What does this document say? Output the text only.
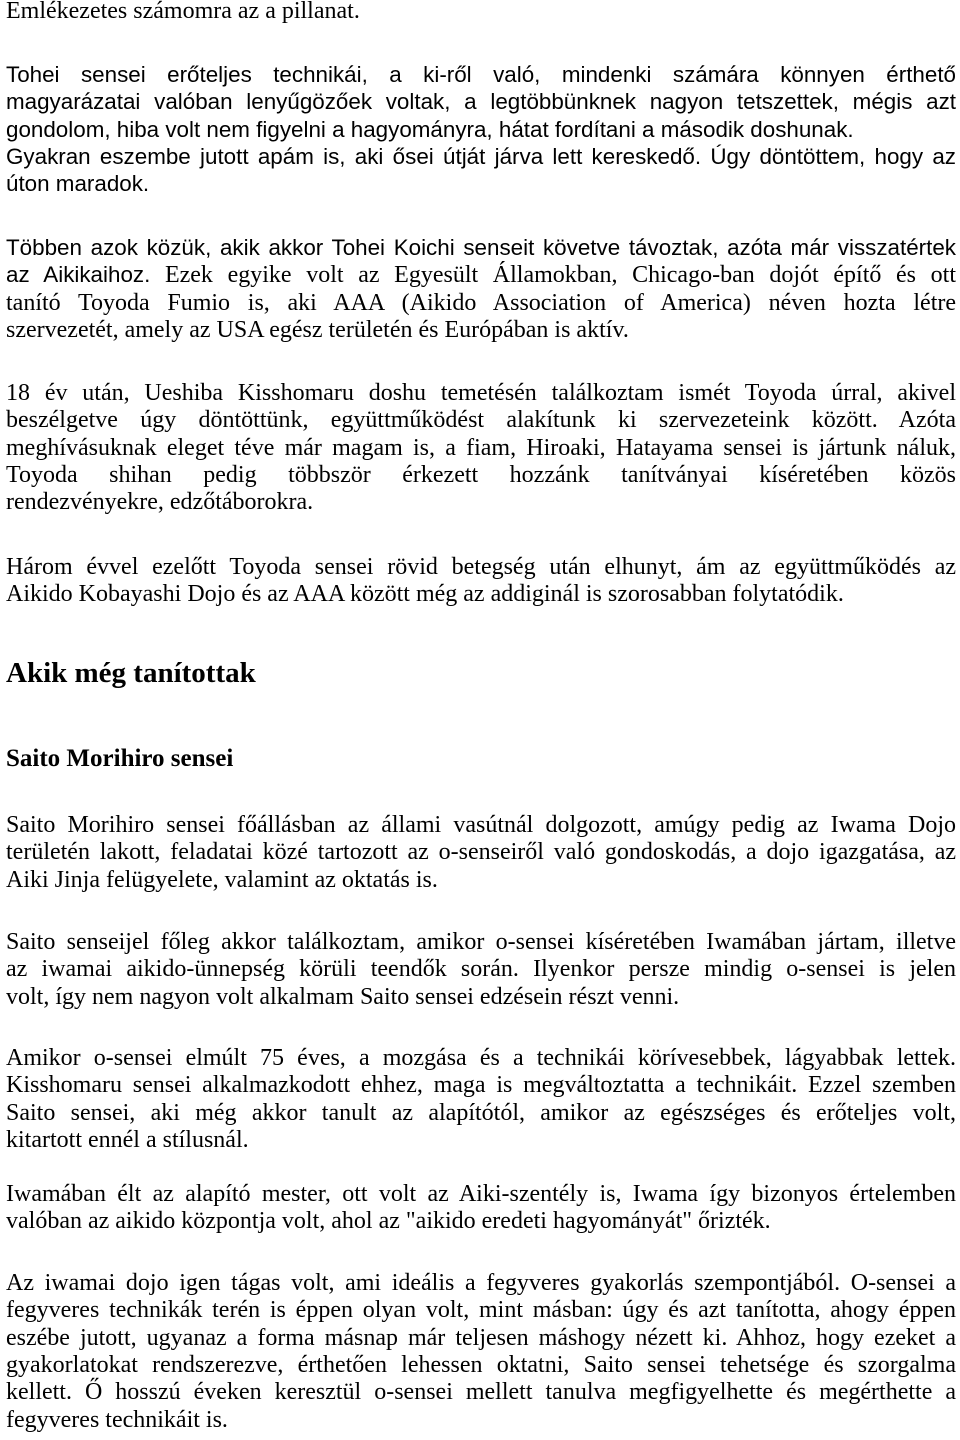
Emlékezetes számomra az a pillanat.
Tohei sensei erőteljes technikái, a ki-ről való, mindenki számára könnyen érthető
magyarázatai valóban lenyűgözőek voltak, a legtöbbünknek nagyon tetszettek, mégis azt
gondolom, hiba volt nem figyelni a hagyományra, hátat fordítani a második doshunak.
Gyakran eszembe jutott apám is, aki ősei útját járva lett kereskedő. Úgy döntöttem, hogy az
úton maradok.
Többen azok közük, akik akkor Tohei Koichi senseit követve távoztak, azóta már visszatértek
az Aikikaihoz. Ezek egyike volt az Egyesült Államokban, Chicago-ban dojót építő és ott
tanító Toyoda Fumio is, aki AAA (Aikido Association of America) néven hozta létre
szervezetét, amely az USA egész területén és Európában is aktív.
18 év után, Ueshiba Kisshomaru doshu temetésén találkoztam ismét Toyoda úrral, akivel
beszélgetve úgy döntöttünk, együttműködést alakítunk ki szervezeteink között. Azóta
meghívásuknak eleget téve már magam is, a fiam, Hiroaki, Hatayama sensei is jártunk náluk,
Toyoda shihan pedig többször érkezett hozzánk tanítványai kíséretében közös
rendezvényekre, edzőtáborokra.
Három évvel ezelőtt Toyoda sensei rövid betegség után elhunyt, ám az együttműködés az
Aikido Kobayashi Dojo és az AAA között még az addiginál is szorosabban folytatódik.
Akik még tanítottak
Saito Morihiro sensei
Saito Morihiro sensei főállásban az állami vasútnál dolgozott, amúgy pedig az Iwama Dojo
területén lakott, feladatai közé tartozott az o-senseiről való gondoskodás, a dojo igazgatása, az
Aiki Jinja felügyelete, valamint az oktatás is.
Saito senseijel főleg akkor találkoztam, amikor o-sensei kíséretében Iwamában jártam, illetve
az iwamai aikido-ünnepség körüli teendők során. Ilyenkor persze mindig o-sensei is jelen
volt, így nem nagyon volt alkalmam Saito sensei edzésein részt venni.
Amikor o-sensei elmúlt 75 éves, a mozgása és a technikái körívesebbek, lágyabbak lettek.
Kisshomaru sensei alkalmazkodott ehhez, maga is megváltoztatta a technikáit. Ezzel szemben
Saito sensei, aki még akkor tanult az alapítótól, amikor az egészséges és erőteljes volt,
kitartott ennél a stílusnál.
Iwamában élt az alapító mester, ott volt az Aiki-szentély is, Iwama így bizonyos értelemben
valóban az aikido központja volt, ahol az "aikido eredeti hagyományát" őrizték.
Az iwamai dojo igen tágas volt, ami ideális a fegyveres gyakorlás szempontjából. O-sensei a
fegyveres technikák terén is éppen olyan volt, mint másban: úgy és azt tanította, ahogy éppen
eszébe jutott, ugyanaz a forma másnap már teljesen máshogy nézett ki. Ahhoz, hogy ezeket a
gyakorlatokat rendszerezve, érthetően lehessen oktatni, Saito sensei tehetsége és szorgalma
kellett. Ő hosszú éveken keresztül o-sensei mellett tanulva megfigyelhette és megérthette a
fegyveres technikáit is.
